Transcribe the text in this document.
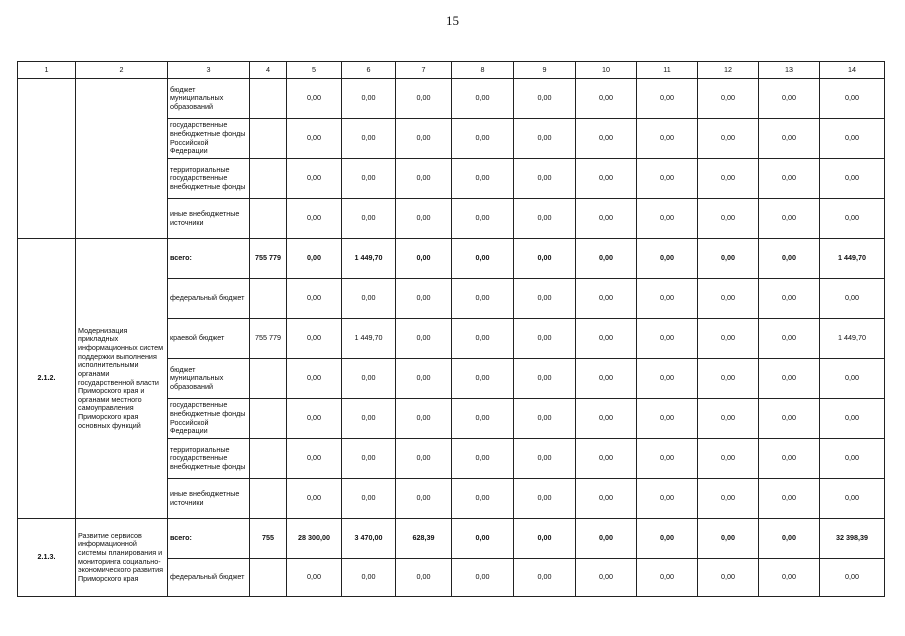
15
1	2	3	4	5	6	7	8	9	10	11	12	13	14
		бюджет муниципальных образований		0,00	0,00	0,00	0,00	0,00	0,00	0,00	0,00	0,00	0,00
		государственные внебюджетные фонды Российской Федерации		0,00	0,00	0,00	0,00	0,00	0,00	0,00	0,00	0,00	0,00
		территориальные государственные внебюджетные фонды		0,00	0,00	0,00	0,00	0,00	0,00	0,00	0,00	0,00	0,00
		иные внебюджетные источники		0,00	0,00	0,00	0,00	0,00	0,00	0,00	0,00	0,00	0,00
2.1.2.	Модернизация прикладных информационных систем поддержки выполнения исполнительными органами государственной власти Приморского края и органами местного самоуправления Приморского края основных функций	всего:	755 779	0,00	1 449,70	0,00	0,00	0,00	0,00	0,00	0,00	0,00	1 449,70
		федеральный бюджет		0,00	0,00	0,00	0,00	0,00	0,00	0,00	0,00	0,00	0,00
		краевой бюджет	755 779	0,00	1 449,70	0,00	0,00	0,00	0,00	0,00	0,00	0,00	1 449,70
		бюджет муниципальных образований		0,00	0,00	0,00	0,00	0,00	0,00	0,00	0,00	0,00	0,00
		государственные внебюджетные фонды Российской Федерации		0,00	0,00	0,00	0,00	0,00	0,00	0,00	0,00	0,00	0,00
		территориальные государственные внебюджетные фонды		0,00	0,00	0,00	0,00	0,00	0,00	0,00	0,00	0,00	0,00
		иные внебюджетные источники		0,00	0,00	0,00	0,00	0,00	0,00	0,00	0,00	0,00	0,00
2.1.3.	Развитие сервисов информационной системы планирования и мониторинга социально-экономического развития Приморского края	всего:	755	28 300,00	3 470,00	628,39	0,00	0,00	0,00	0,00	0,00	0,00	32 398,39
		федеральный бюджет		0,00	0,00	0,00	0,00	0,00	0,00	0,00	0,00	0,00	0,00
